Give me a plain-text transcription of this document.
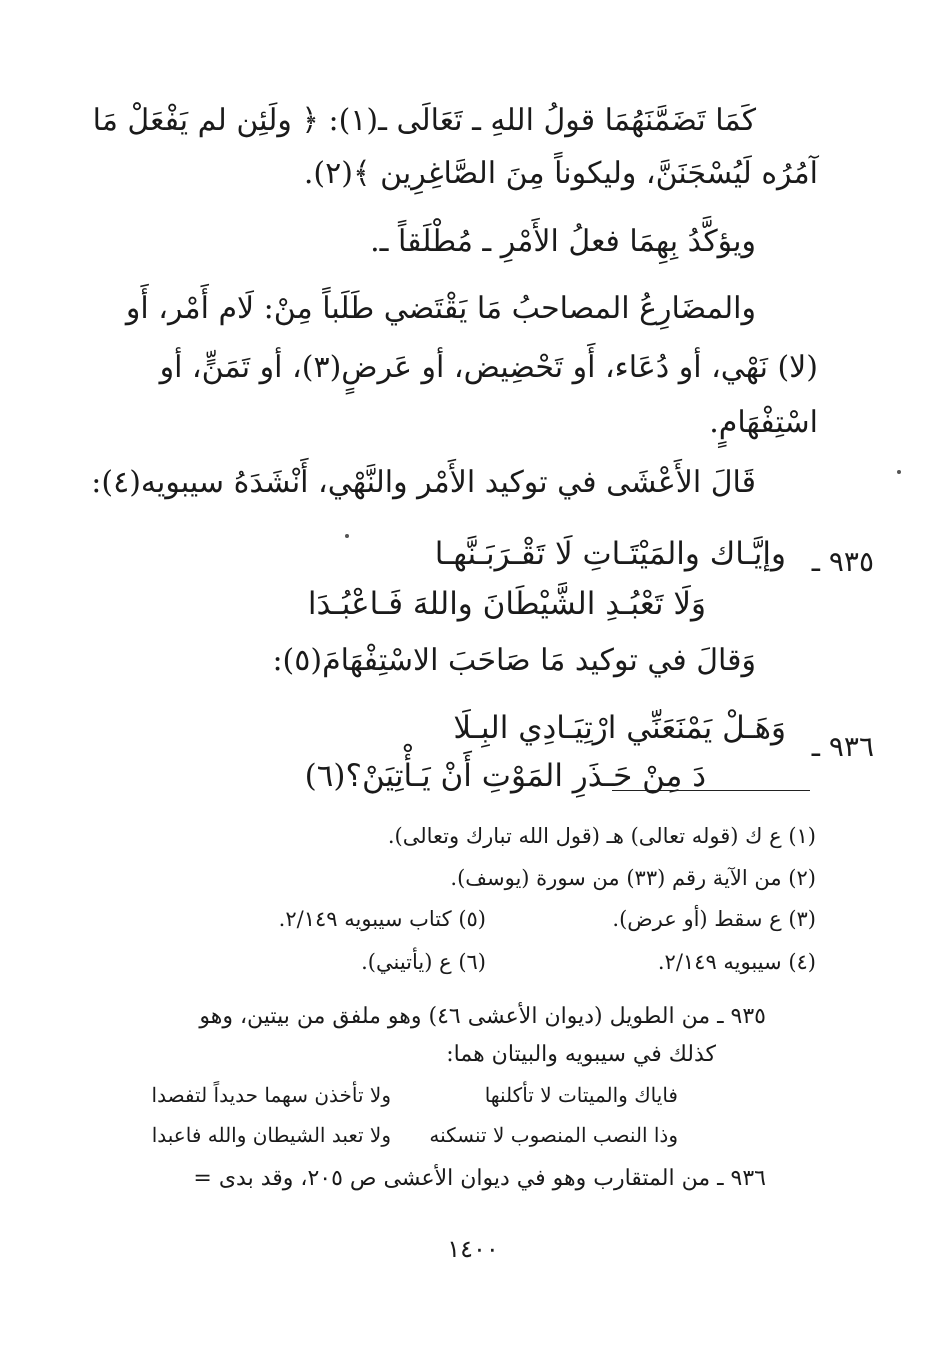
كَمَا تَضَمَّنَهُمَا قولُ اللهِ ـ تَعَالَى ـ(١): ﴿ ولَئِن لم يَفْعَلْ مَا
آمُرُه لَيُسْجَنَنَّ، وليكوناً مِنَ الصَّاغِرِين ﴾(٢).
ويؤكَّدُ بِهِمَا فعلُ الأَمْرِ ـ مُطْلَقاً ـ.
والمضَارِعُ المصاحبُ مَا يَقْتَضي طَلَباً مِنْ: لَام أَمْر، أَو
(لا) نَهْي، أو دُعَاء، أَو تَحْضِيض، أو عَرضٍ(٣)، أو تَمَنٍّ، أو
اسْتِفْهَامٍ.
قَالَ الأَعْشَى في توكيد الأَمْر والنَّهْي، أَنْشَدَهُ سيبويه(٤):
٩٣٥ ـ
وإيَّـاك والمَيْتَـاتِ لَا تَقْـرَبَـنَّهـا
وَلَا تَعْبُـدِ الشَّيْطَانَ واللهَ فَـاعْبُـدَا
وَقالَ في توكيد مَا صَاحَبَ الاسْتِفْهَامَ(٥):
٩٣٦ ـ
وَهَـلْ يَمْنَعَنِّي ارْتِيَـادِي البِـلَا
دَ مِنْ حَـذَرِ المَوْتِ أَنْ يَـأْتِيَنْ؟(٦)
(١) ع ك (قوله تعالى) هـ (قول الله تبارك وتعالى).
(٢) من الآية رقم (٣٣) من سورة (يوسف).
(٣) ع سقط (أو عرض).
(٥) كتاب سيبويه ٢/١٤٩.
(٤) سيبويه ٢/١٤٩.
(٦) ع (يأتيني).
٩٣٥ ـ من الطويل (ديوان الأعشى ٤٦) وهو ملفق من بيتين، وهو
كذلك في سيبويه والبيتان هما:
فاياك والميتات لا تأكلنها
ولا تأخذن سهما حديداً لتفصدا
وذا النصب المنصوب لا تنسكنه
ولا تعبد الشيطان والله فاعبدا
٩٣٦ ـ من المتقارب وهو في ديوان الأعشى ص ٢٠٥، وقد بدى =
١٤٠٠
